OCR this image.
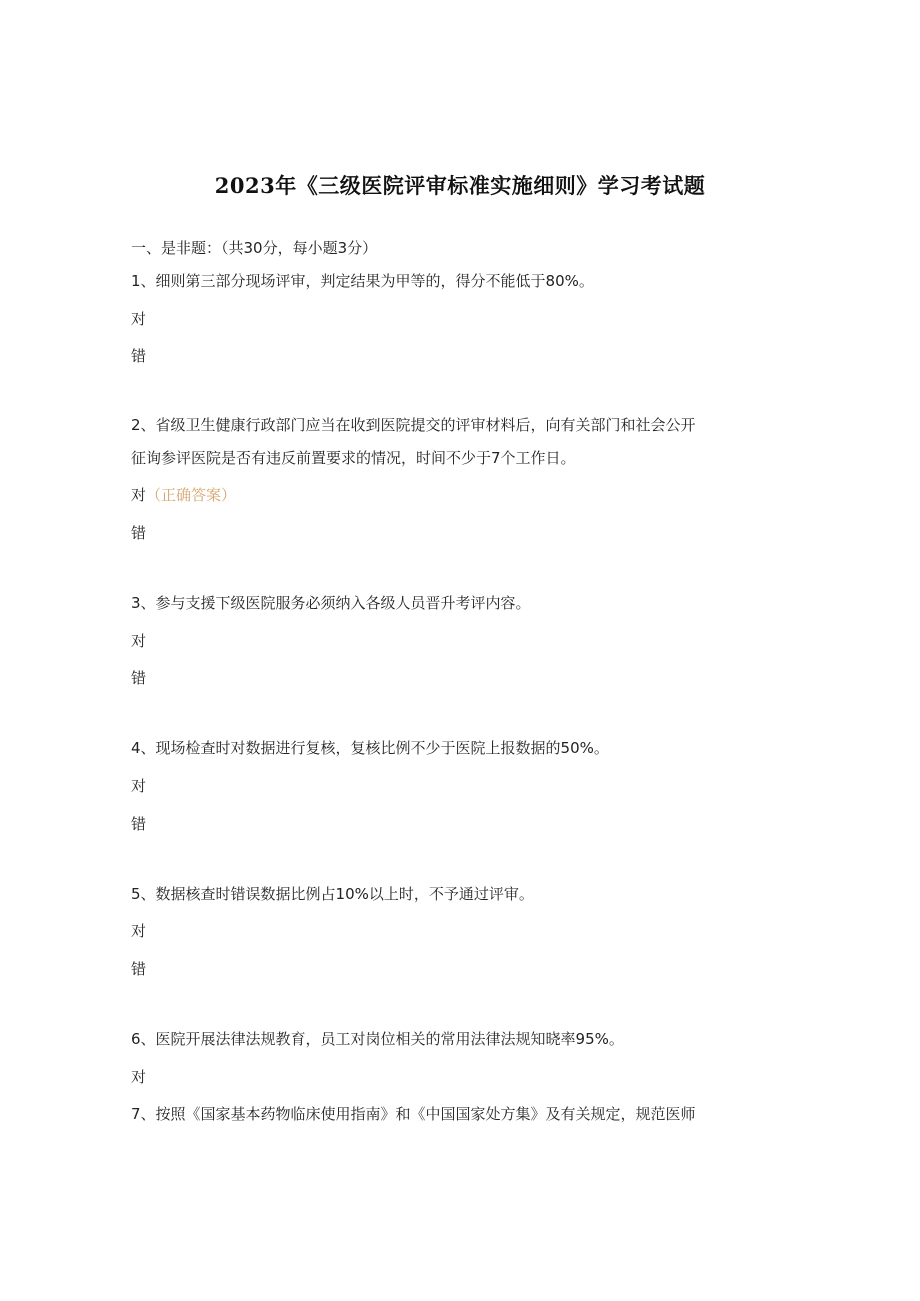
2023年《三级医院评审标准实施细则》学习考试题
一、是非题：（共30分，每小题3分）
1、细则第三部分现场评审，判定结果为甲等的，得分不能低于80%。
对
错
2、省级卫生健康行政部门应当在收到医院提交的评审材料后，向有关部门和社会公开
征询参评医院是否有违反前置要求的情况，时间不少于7个工作日。
对（正确答案）
错
3、参与支援下级医院服务必须纳入各级人员晋升考评内容。
对
错
4、现场检查时对数据进行复核，复核比例不少于医院上报数据的50%。
对
错
5、数据核查时错误数据比例占10%以上时，不予通过评审。
对
错
6、医院开展法律法规教育，员工对岗位相关的常用法律法规知晓率95%。
对
7、按照《国家基本药物临床使用指南》和《中国国家处方集》及有关规定，规范医师
